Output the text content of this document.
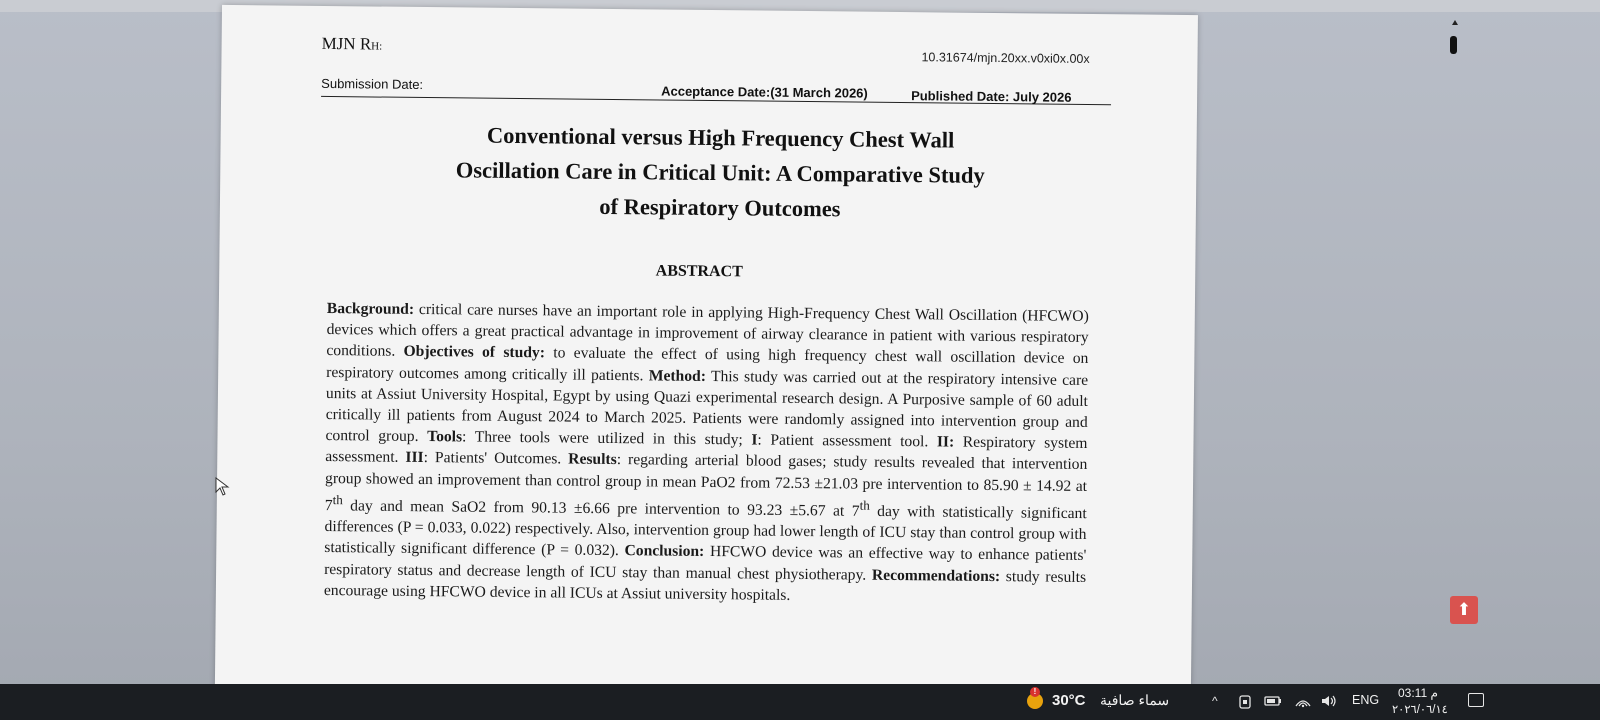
MJN RH:
10.31674/mjn.20xx.v0xi0x.00x
Submission Date:	Acceptance Date:(31 March 2026)	Published Date: July 2026
Conventional versus High Frequency Chest Wall
Oscillation Care in Critical Unit: A Comparative Study
of Respiratory Outcomes
ABSTRACT
Background: critical care nurses have an important role in applying High-Frequency Chest Wall Oscillation (HFCWO) devices which offers a great practical advantage in improvement of airway clearance in patient with various respiratory conditions. Objectives of study: to evaluate the effect of using high frequency chest wall oscillation device on respiratory outcomes among critically ill patients. Method: This study was carried out at the respiratory intensive care units at Assiut University Hospital, Egypt by using Quazi experimental research design. A Purposive sample of 60 adult critically ill patients from August 2024 to March 2025. Patients were randomly assigned into intervention group and control group. Tools: Three tools were utilized in this study; I: Patient assessment tool. II: Respiratory system assessment. III: Patients' Outcomes. Results: regarding arterial blood gases; study results revealed that intervention group showed an improvement than control group in mean PaO2 from 72.53 ±21.03 pre intervention to 85.90 ± 14.92 at 7th day and mean SaO2 from 90.13 ±6.66 pre intervention to 93.23 ±5.67 at 7th day with statistically significant differences (P = 0.033, 0.022) respectively. Also, intervention group had lower length of ICU stay than control group with statistically significant difference (P = 0.032). Conclusion: HFCWO device was an effective way to enhance patients' respiratory status and decrease length of ICU stay than manual chest physiotherapy. Recommendations: study results encourage using HFCWO device in all ICUs at Assiut university hospitals.
⬆
!
30°C سماء صافية	^	ENG 03:11 م
٢٠٢٦/٠٦/١٤
